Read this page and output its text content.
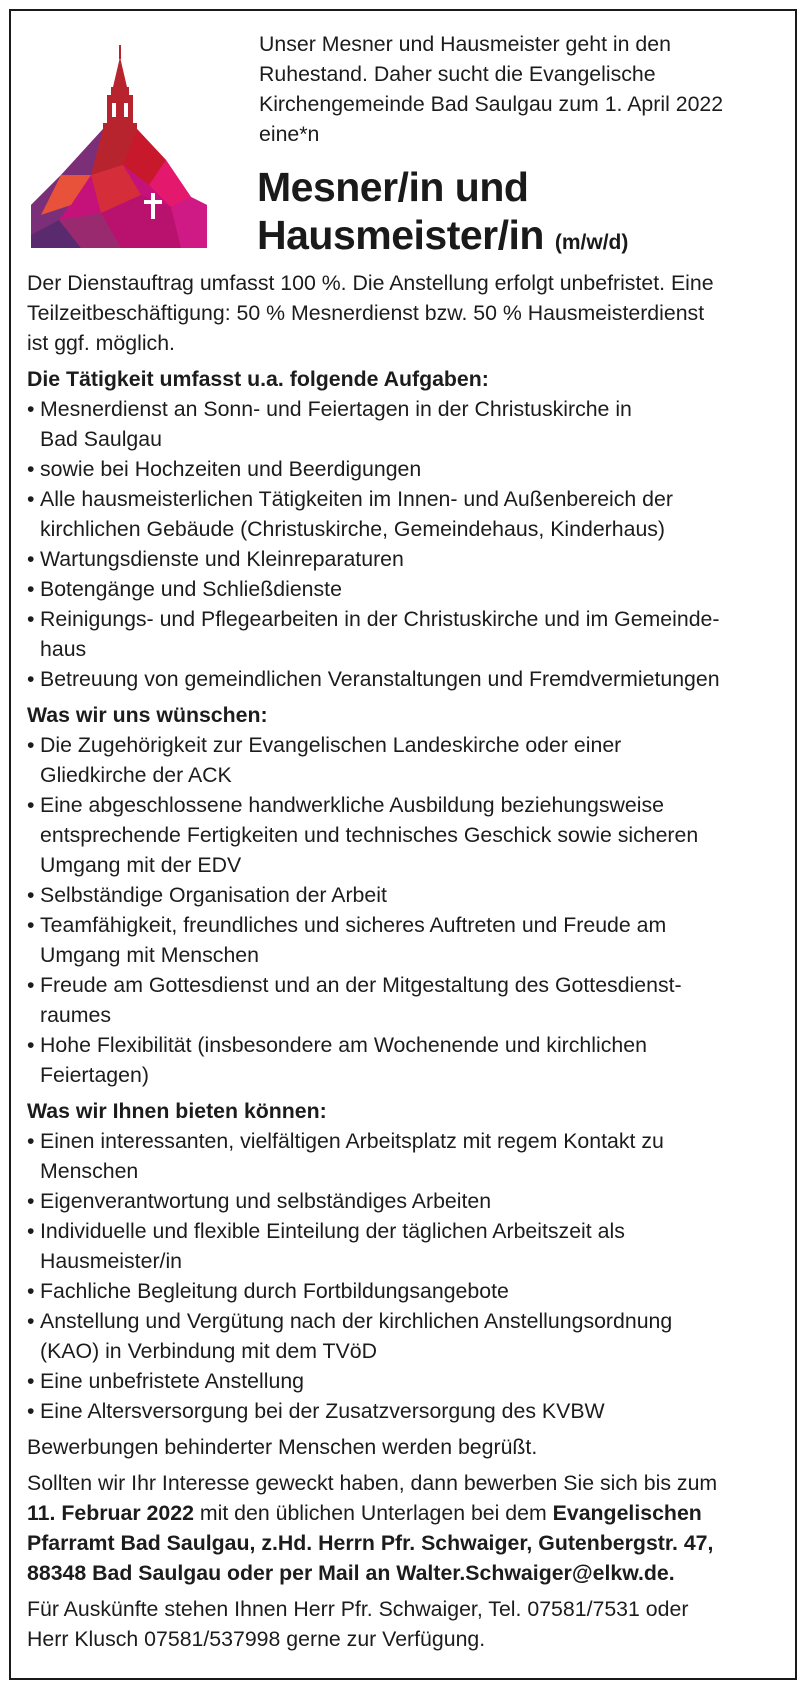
Unser Mesner und Hausmeister geht in den

Ruhestand. Daher sucht die Evangelische

Kirchengemeinde Bad Saulgau zum 1. April 2022

eine*n

Mesner/in und
Hausmeister/in (m/w/d)

Der Dienstauftrag umfasst 100 %. Die Anstellung erfolgt unbefristet. Eine

Teilzeitbeschäftigung: 50 % Mesnerdienst bzw. 50 % Hausmeisterdienst

ist ggf. möglich.

Die Tätigkeit umfasst u.a. folgende Aufgaben:

• Mesnerdienst an Sonn- und Feiertagen in der Christuskirche in
Bad Saulgau
• sowie bei Hochzeiten und Beerdigungen
• Alle hausmeisterlichen Tätigkeiten im Innen- und Außenbereich der
kirchlichen Gebäude (Christuskirche, Gemeindehaus, Kinderhaus)
• Wartungsdienste und Kleinreparaturen
• Botengänge und Schließdienste
• Reinigungs- und Pflegearbeiten in der Christuskirche und im Gemeinde-
haus
• Betreuung von gemeindlichen Veranstaltungen und Fremdvermietungen

Was wir uns wünschen:

• Die Zugehörigkeit zur Evangelischen Landeskirche oder einer
Gliedkirche der ACK
• Eine abgeschlossene handwerkliche Ausbildung beziehungsweise
entsprechende Fertigkeiten und technisches Geschick sowie sicheren
Umgang mit der EDV
• Selbständige Organisation der Arbeit
• Teamfähigkeit, freundliches und sicheres Auftreten und Freude am
Umgang mit Menschen
• Freude am Gottesdienst und an der Mitgestaltung des Gottesdienst-
raumes
• Hohe Flexibilität (insbesondere am Wochenende und kirchlichen
Feiertagen)

Was wir Ihnen bieten können:

• Einen interessanten, vielfältigen Arbeitsplatz mit regem Kontakt zu
Menschen
• Eigenverantwortung und selbständiges Arbeiten
• Individuelle und flexible Einteilung der täglichen Arbeitszeit als
Hausmeister/in
• Fachliche Begleitung durch Fortbildungsangebote
• Anstellung und Vergütung nach der kirchlichen Anstellungsordnung
(KAO) in Verbindung mit dem TVöD
• Eine unbefristete Anstellung
• Eine Altersversorgung bei der Zusatzversorgung des KVBW

Bewerbungen behinderter Menschen werden begrüßt.

Sollten wir Ihr Interesse geweckt haben, dann bewerben Sie sich bis zum

11. Februar 2022 mit den üblichen Unterlagen bei dem Evangelischen

Pfarramt Bad Saulgau, z.Hd. Herrn Pfr. Schwaiger, Gutenbergstr. 47,

88348 Bad Saulgau oder per Mail an Walter.Schwaiger@elkw.de.

Für Auskünfte stehen Ihnen Herr Pfr. Schwaiger, Tel. 07581/7531 oder

Herr Klusch 07581/537998 gerne zur Verfügung.
